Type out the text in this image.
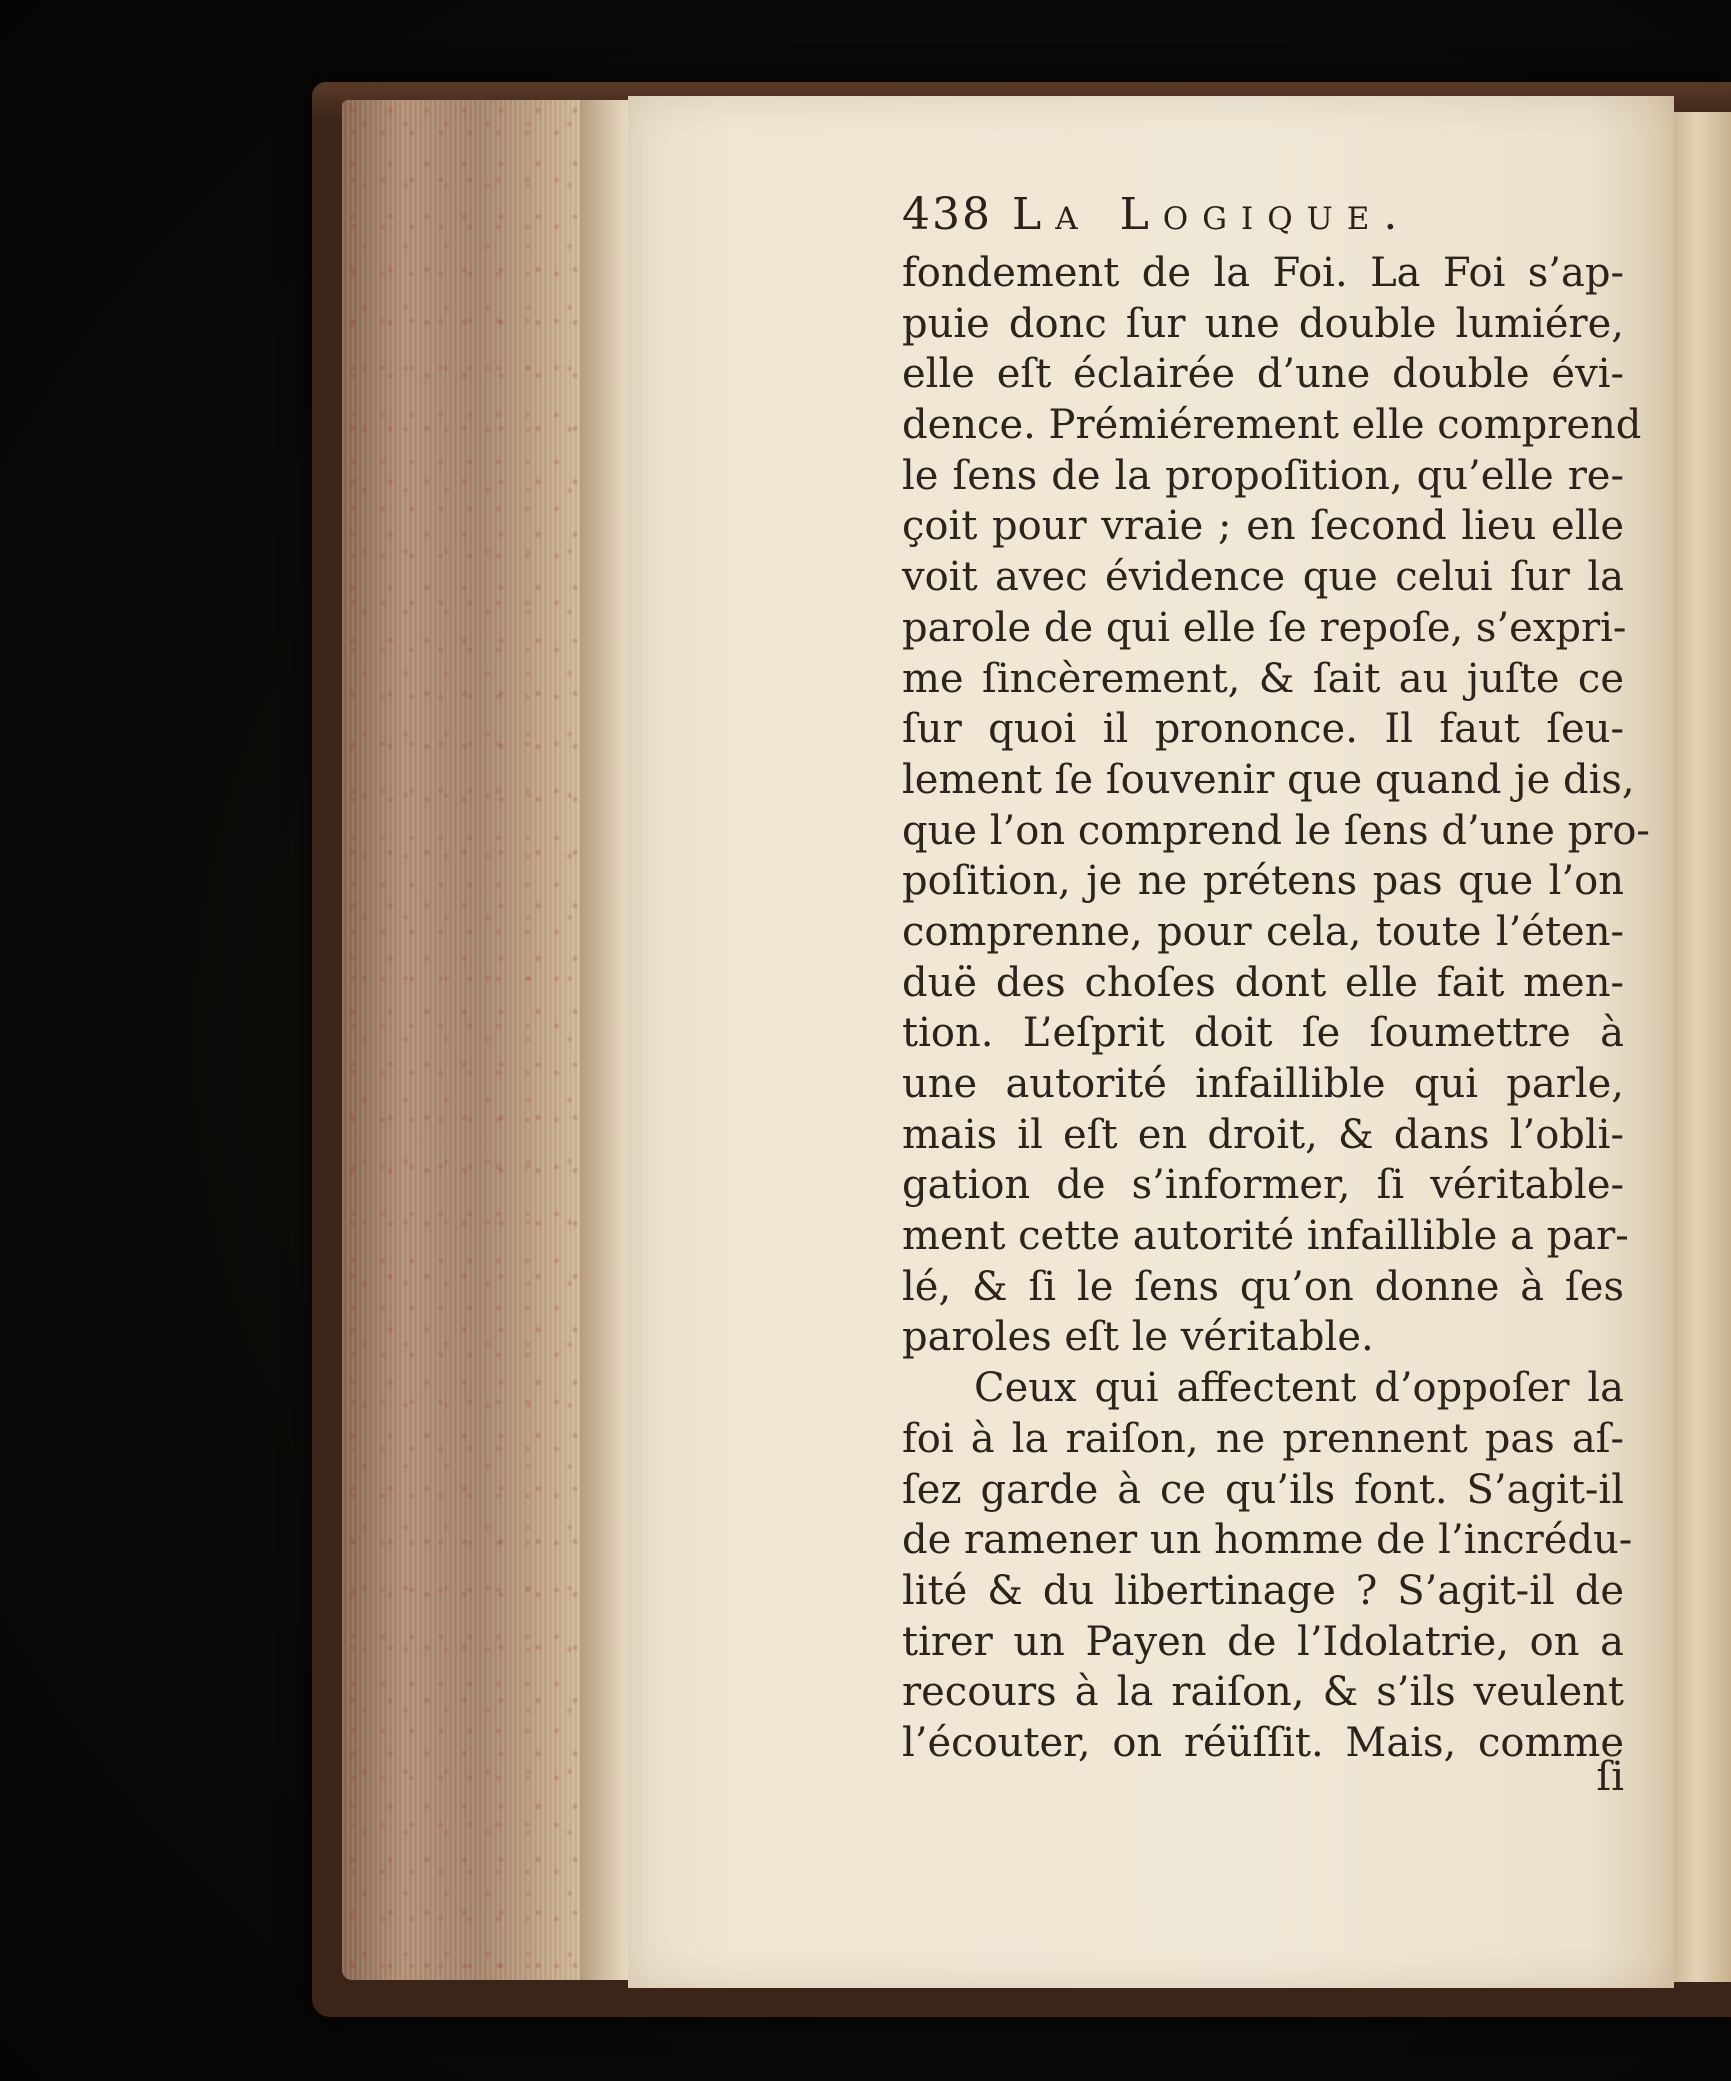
438 La Logique.
fondement de la Foi. La Foi s’ap-
puie donc ſur une double lumiére,
elle eſt éclairée d’une double évi-
dence. Prémiérement elle comprend
le ſens de la propoſition, qu’elle re-
çoit pour vraie ; en ſecond lieu elle
voit avec évidence que celui ſur la
parole de qui elle ſe repoſe, s’expri-
me ſincèrement, & ſait au juſte ce
ſur quoi il prononce. Il faut ſeu-
lement ſe ſouvenir que quand je dis,
que l’on comprend le ſens d’une pro-
poſition, je ne prétens pas que l’on
comprenne, pour cela, toute l’éten-
duë des choſes dont elle fait men-
tion. L’eſprit doit ſe ſoumettre à
une autorité infaillible qui parle,
mais il eſt en droit, & dans l’obli-
gation de s’informer, ſi véritable-
ment cette autorité infaillible a par-
lé, & ſi le ſens qu’on donne à ſes
paroles eſt le véritable.
Ceux qui affectent d’oppoſer la
foi à la raiſon, ne prennent pas aſ-
ſez garde à ce qu’ils font. S’agit-il
de ramener un homme de l’incrédu-
lité & du libertinage ? S’agit-il de
tirer un Payen de l’Idolatrie, on a
recours à la raiſon, & s’ils veulent
l’écouter, on réüſſit. Mais, comme
ſi
